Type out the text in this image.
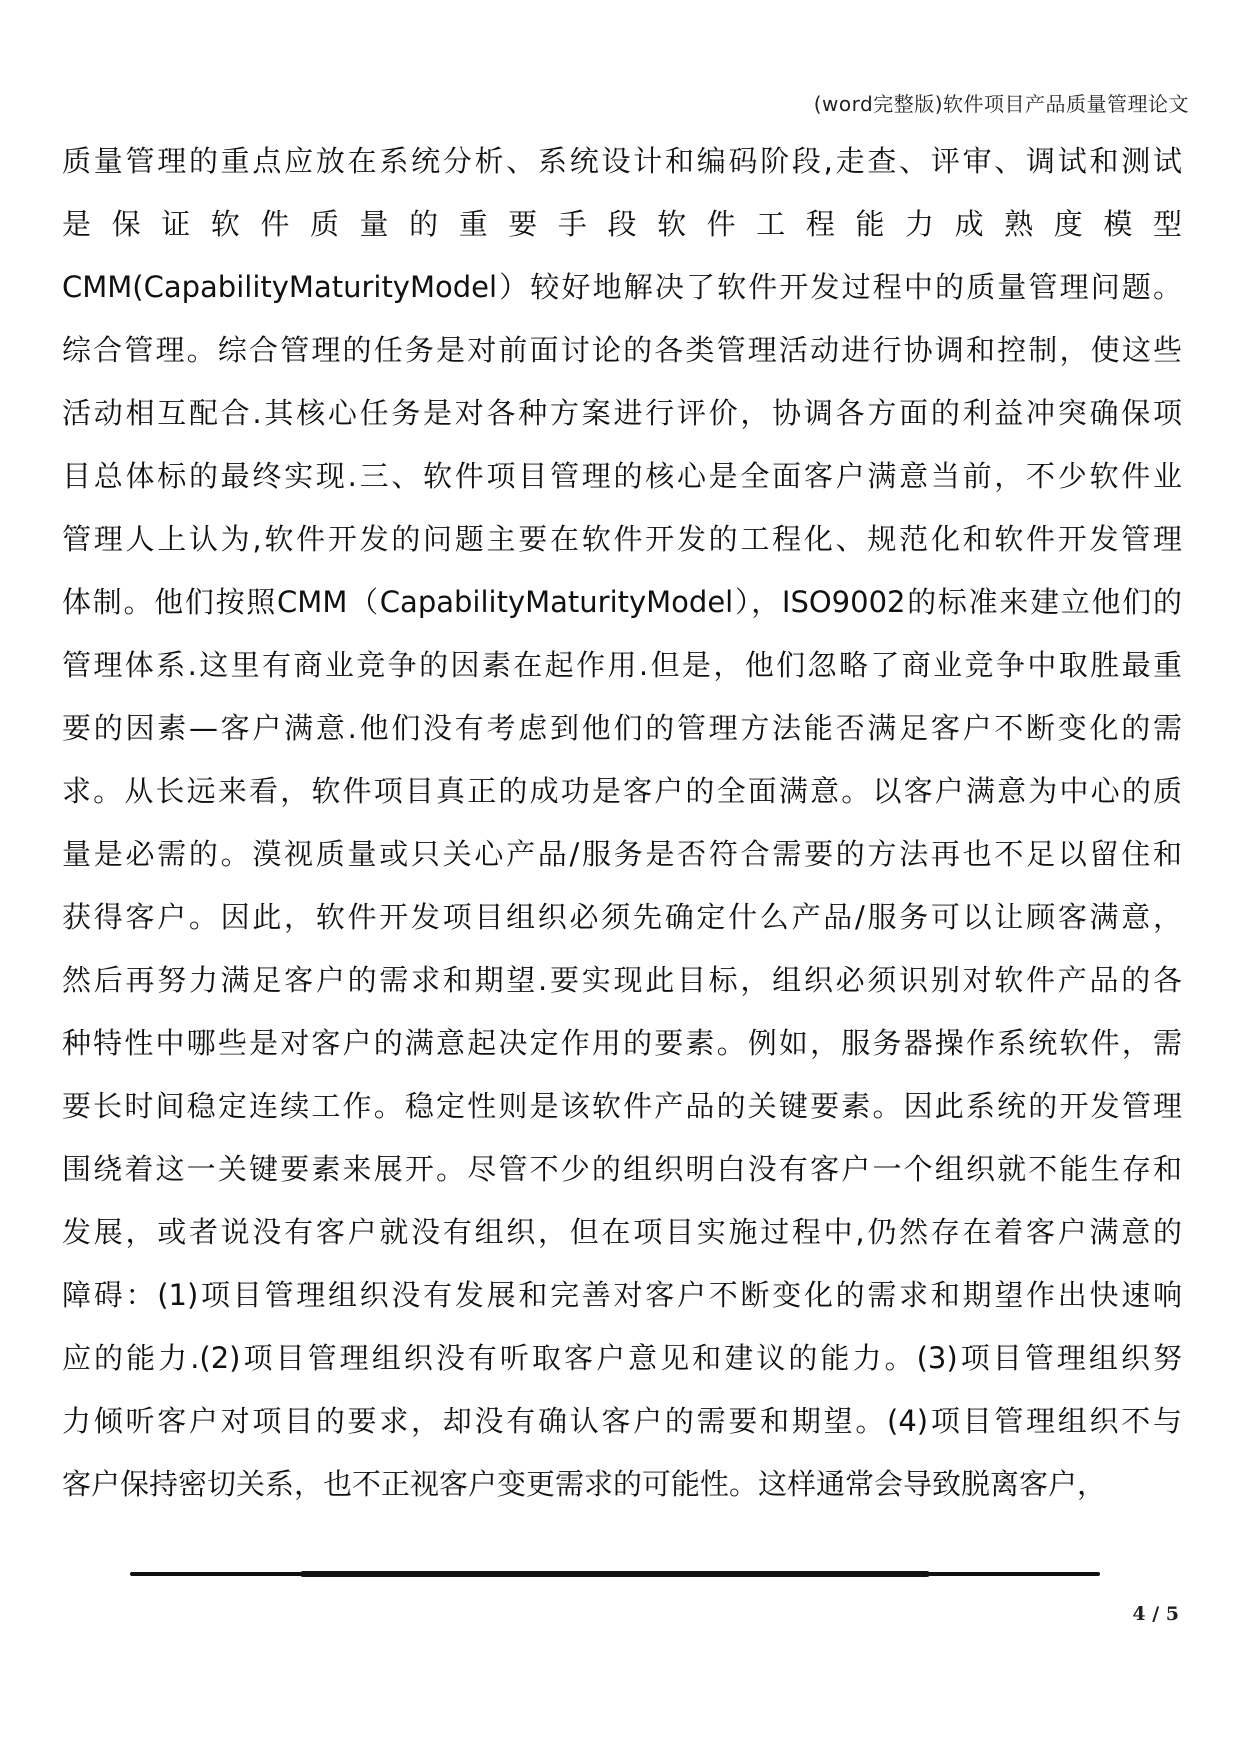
(word完整版)软件项目产品质量管理论文
质量管理的重点应放在系统分析、系统设计和编码阶段,走查、评审、调试和测试
是保证软件质量的重要手段软件工程能力成熟度模型
CMM(CapabilityMaturityModel）较好地解决了软件开发过程中的质量管理问题。
综合管理。综合管理的任务是对前面讨论的各类管理活动进行协调和控制，使这些
活动相互配合.其核心任务是对各种方案进行评价，协调各方面的利益冲突确保项
目总体标的最终实现.三、软件项目管理的核心是全面客户满意当前，不少软件业
管理人上认为,软件开发的问题主要在软件开发的工程化、规范化和软件开发管理
体制。他们按照CMM（CapabilityMaturityModel），ISO9002的标准来建立他们的
管理体系.这里有商业竞争的因素在起作用.但是，他们忽略了商业竞争中取胜最重
要的因素—客户满意.他们没有考虑到他们的管理方法能否满足客户不断变化的需
求。从长远来看，软件项目真正的成功是客户的全面满意。以客户满意为中心的质
量是必需的。漠视质量或只关心产品/服务是否符合需要的方法再也不足以留住和
获得客户。因此，软件开发项目组织必须先确定什么产品/服务可以让顾客满意，
然后再努力满足客户的需求和期望.要实现此目标，组织必须识别对软件产品的各
种特性中哪些是对客户的满意起决定作用的要素。例如，服务器操作系统软件，需
要长时间稳定连续工作。稳定性则是该软件产品的关键要素。因此系统的开发管理
围绕着这一关键要素来展开。尽管不少的组织明白没有客户一个组织就不能生存和
发展，或者说没有客户就没有组织，但在项目实施过程中,仍然存在着客户满意的
障碍：(1)项目管理组织没有发展和完善对客户不断变化的需求和期望作出快速响
应的能力.(2)项目管理组织没有听取客户意见和建议的能力。(3)项目管理组织努
力倾听客户对项目的要求，却没有确认客户的需要和期望。(4)项目管理组织不与
客户保持密切关系，也不正视客户变更需求的可能性。这样通常会导致脱离客户，
4 / 5
